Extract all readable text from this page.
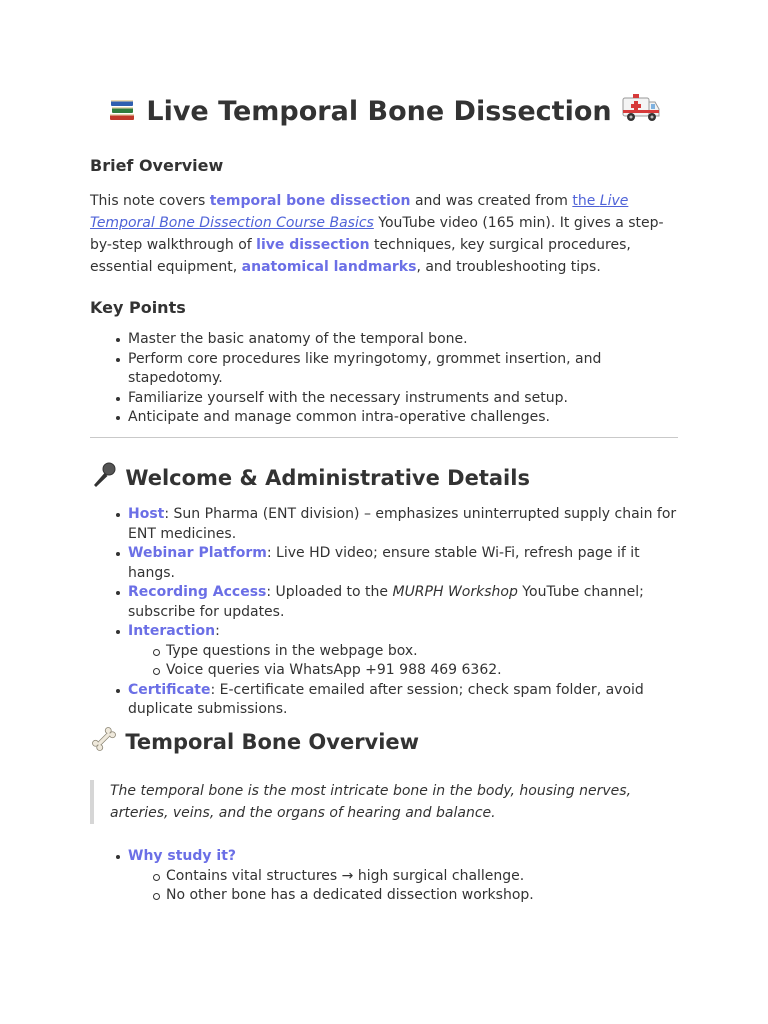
Live Temporal Bone Dissection
Brief Overview

This note covers temporal bone dissection and was created from the Live Temporal Bone Dissection Course Basics YouTube video (165 min). It gives a step-by-step walkthrough of live dissection techniques, key surgical procedures, essential equipment, anatomical landmarks, and troubleshooting tips.

Key Points
Master the basic anatomy of the temporal bone.
Perform core procedures like myringotomy, grommet insertion, and stapedotomy.
Familiarize yourself with the necessary instruments and setup.
Anticipate and manage common intra-operative challenges.
Welcome & Administrative Details
Host: Sun Pharma (ENT division) – emphasizes uninterrupted supply chain for ENT medicines.
Webinar Platform: Live HD video; ensure stable Wi-Fi, refresh page if it hangs.
Recording Access: Uploaded to the MURPH Workshop YouTube channel; subscribe for updates.
Interaction:
Type questions in the webpage box.
Voice queries via WhatsApp +91 988 469 6362.
Certificate: E-certificate emailed after session; check spam folder, avoid duplicate submissions.
Temporal Bone Overview
The temporal bone is the most intricate bone in the body, housing nerves, arteries, veins, and the organs of hearing and balance.
Why study it?
Contains vital structures → high surgical challenge.
No other bone has a dedicated dissection workshop.
